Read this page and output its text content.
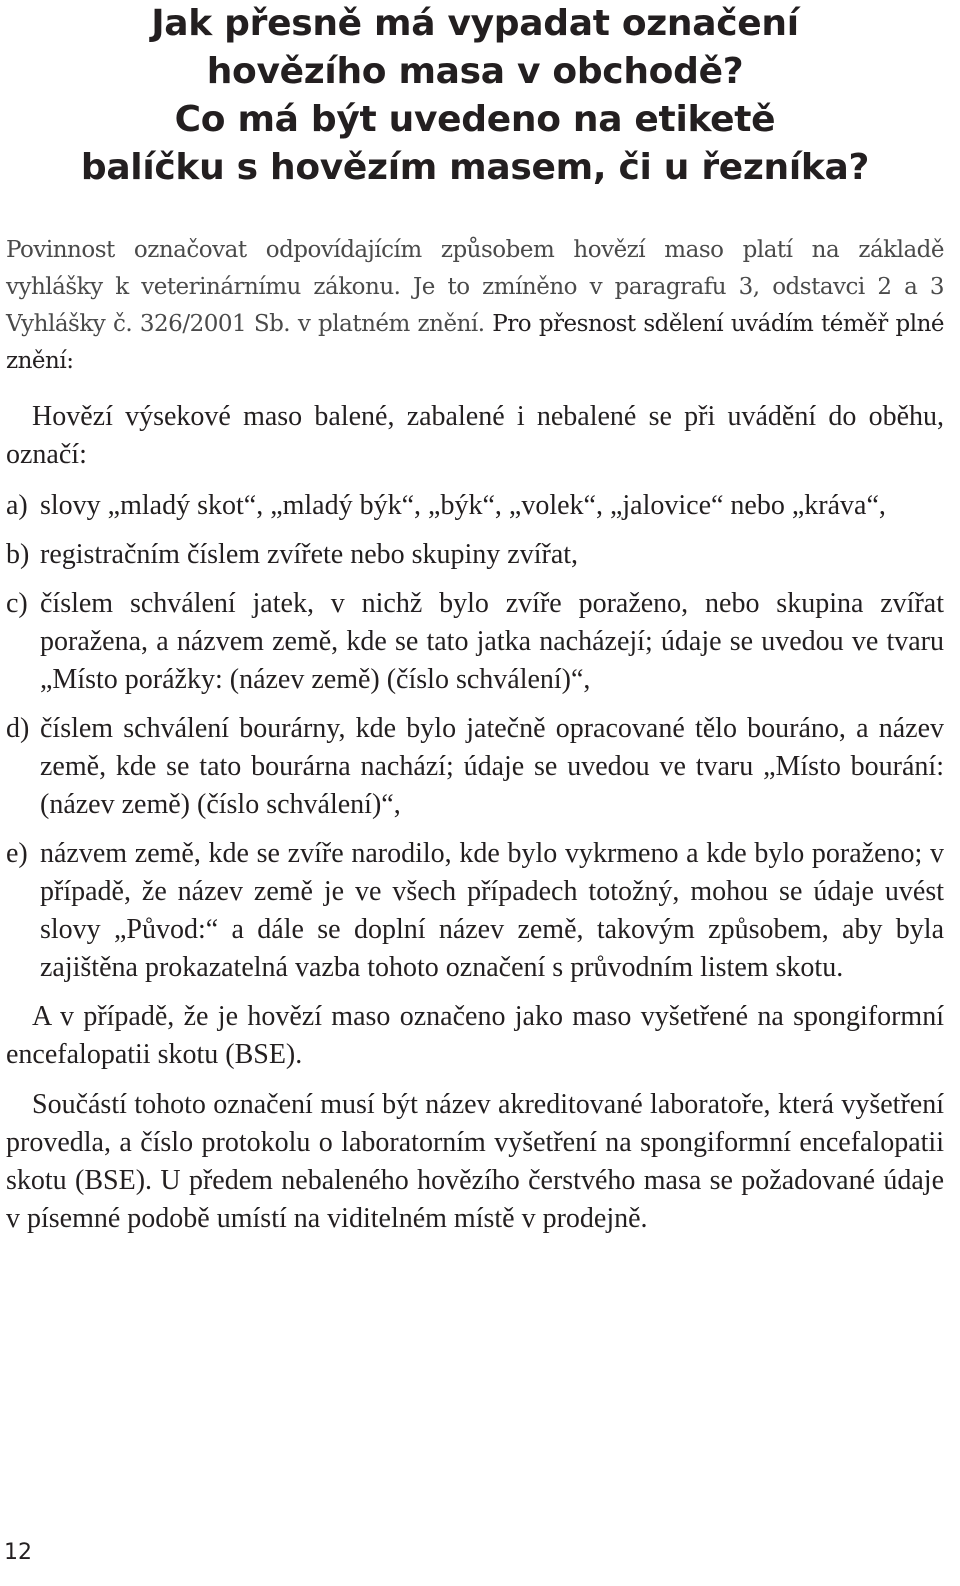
Jak přesně má vypadat označení
hovězího masa v obchodě?
Co má být uvedeno na etiketě
balíčku s hovězím masem, či u řezníka?

Povinnost označovat odpovídajícím způsobem hovězí maso platí na základě vyhlášky k veterinárnímu zákonu. Je to zmíněno v paragrafu 3, odstavci 2 a 3 Vyhlášky č. 326/2001 Sb. v platném znění. Pro přesnost sdělení uvádím téměř plné znění:

Hovězí výsekové maso balené, zabalené i nebalené se při uvádění do oběhu, označí:

a) slovy „mladý skot“, „mladý býk“, „býk“, „volek“, „jalovice“ nebo „kráva“,
b) registračním číslem zvířete nebo skupiny zvířat,
c) číslem schválení jatek, v nichž bylo zvíře poraženo, nebo skupina zvířat poražena, a názvem země, kde se tato jatka nacházejí; údaje se uvedou ve tvaru „Místo porážky: (název země) (číslo schválení)“,
d) číslem schválení bourárny, kde bylo jatečně opracované tělo bouráno, a název země, kde se tato bourárna nachází; údaje se uvedou ve tvaru „Místo bourání: (název země) (číslo schválení)“,
e) názvem země, kde se zvíře narodilo, kde bylo vykrmeno a kde bylo poraženo; v případě, že název země je ve všech případech totožný, mohou se údaje uvést slovy „Původ:“ a dále se doplní název země, takovým způsobem, aby byla zajištěna prokazatelná vazba tohoto označení s průvodním listem skotu.

A v případě, že je hovězí maso označeno jako maso vyšetřené na spongiformní encefalopatii skotu (BSE).

Součástí tohoto označení musí být název akreditované laboratoře, která vyšetření provedla, a číslo protokolu o laboratorním vyšetření na spongiformní encefalopatii skotu (BSE). U předem nebaleného hovězího čerstvého masa se požadované údaje v písemné podobě umístí na viditelném místě v prodejně.

12
